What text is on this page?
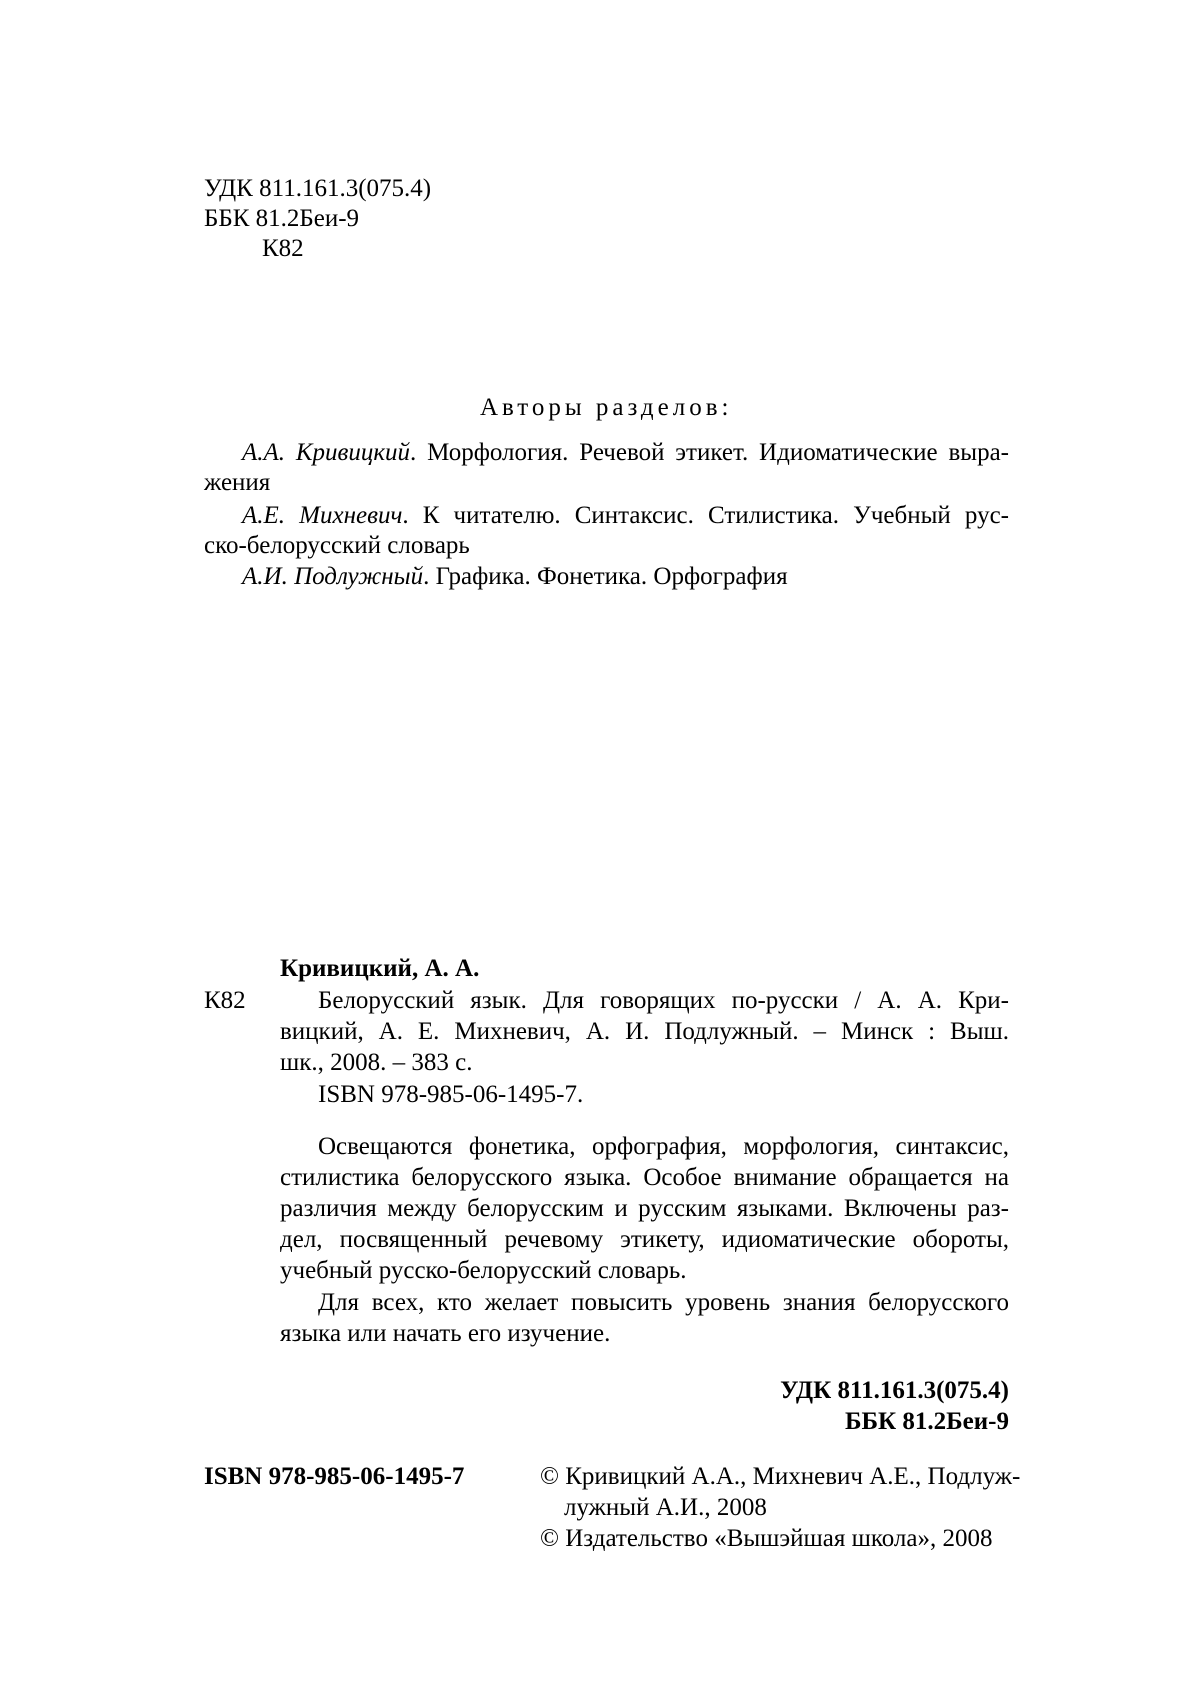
УДК 811.161.3(075.4)
ББК 81.2Беи-9
К82
Авторы разделов:
А.А. Кривицкий. Морфология. Речевой этикет. Идиоматические выра-
жения
А.Е. Михневич. К читателю. Синтаксис. Стилистика. Учебный рус-
ско-белорусский словарь
А.И. Подлужный. Графика. Фонетика. Орфография
Кривицкий, А. А.
К82	Белорусский язык. Для говорящих по-русски / А. А. Кри-
вицкий, А. Е. Михневич, А. И. Подлужный. – Минск : Выш.
шк., 2008. – 383 с.
ISBN 978-985-06-1495-7.
Освещаются фонетика, орфография, морфология, синтаксис,
стилистика белорусского языка. Особое внимание обращается на
различия между белорусским и русским языками. Включены раз-
дел, посвященный речевому этикету, идиоматические обороты,
учебный русско-белорусский словарь.
Для всех, кто желает повысить уровень знания белорусского
языка или начать его изучение.
УДК 811.161.3(075.4)
ББК 81.2Беи-9
ISBN 978-985-06-1495-7	© Кривицкий А.А., Михневич А.Е., Подлуж-
лужный А.И., 2008
© Издательство «Вышэйшая школа», 2008
